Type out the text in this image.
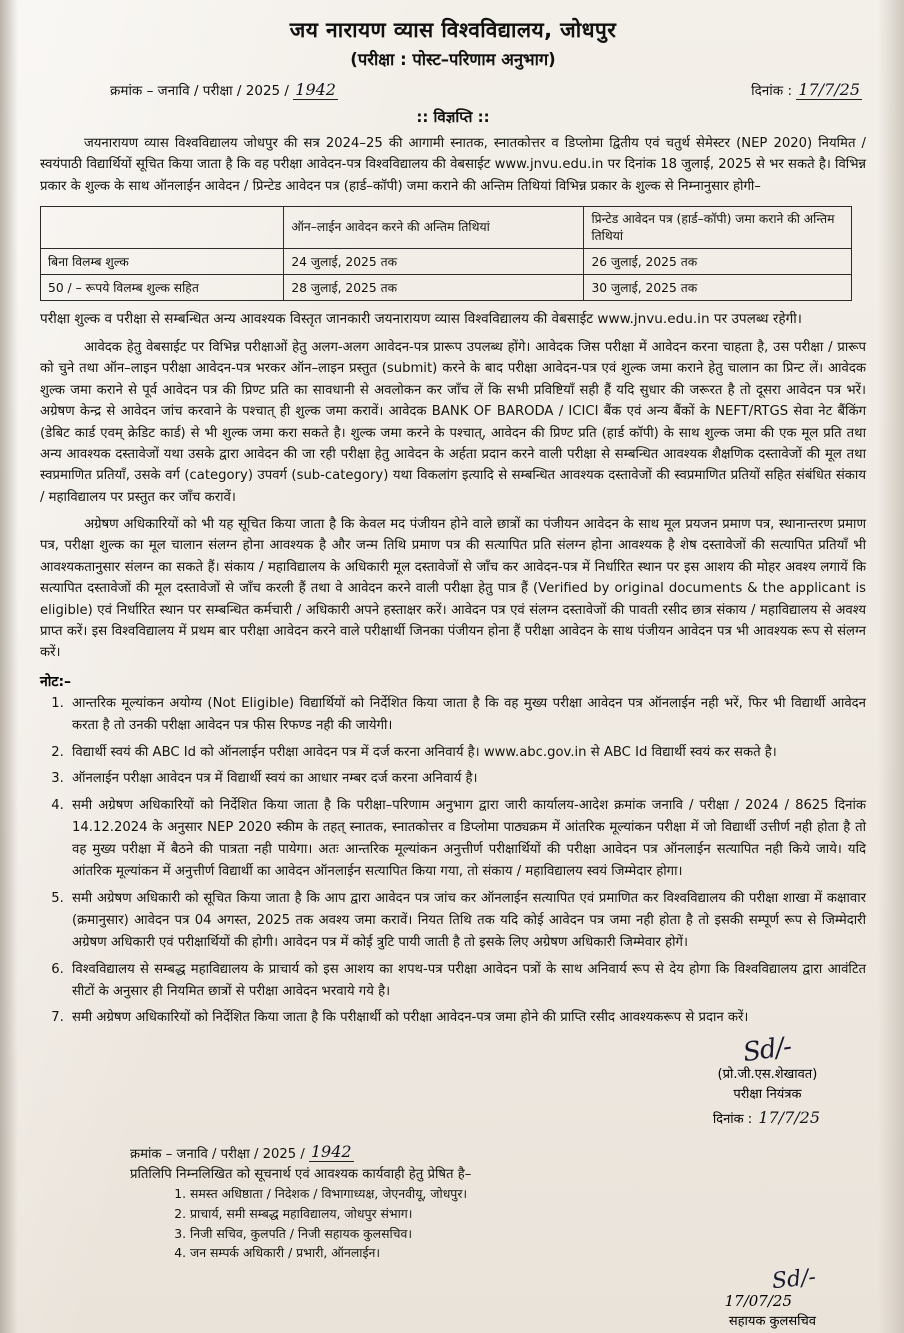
जय नारायण व्यास विश्वविद्यालय, जोधपुर
(परीक्षा : पोस्ट–परिणाम अनुभाग)
क्रमांक – जनावि / परीक्षा / 2025 / 1942	दिनांक : 17/7/25
:: विज्ञप्ति ::

जयनारायण व्यास विश्वविद्यालय जोधपुर की सत्र 2024–25 की आगामी स्नातक, स्नातकोत्तर व डिप्लोमा द्वितीय एवं चतुर्थ सेमेस्टर (NEP 2020) नियमित / स्वयंपाठी विद्यार्थियों सूचित किया जाता है कि वह परीक्षा आवेदन-पत्र विश्वविद्यालय की वेबसाईट www.jnvu.edu.in पर दिनांक 18 जुलाई, 2025 से भर सकते है। विभिन्न प्रकार के शुल्क के साथ ऑनलाईन आवेदन / प्रिन्टेड आवेदन पत्र (हार्ड–कॉपी) जमा कराने की अन्तिम तिथियां विभिन्न प्रकार के शुल्क से निम्नानुसार होगी–

	ऑन–लाईन आवेदन करने की अन्तिम तिथियां	प्रिन्टेड आवेदन पत्र (हार्ड–कॉपी) जमा कराने की अन्तिम तिथियां
बिना विलम्ब शुल्क	24 जुलाई, 2025 तक	26 जुलाई, 2025 तक
50 / – रूपये विलम्ब शुल्क सहित	28 जुलाई, 2025 तक	30 जुलाई, 2025 तक
परीक्षा शुल्क व परीक्षा से सम्बन्धित अन्य आवश्यक विस्तृत जानकारी जयनारायण व्यास विश्वविद्यालय की वेबसाईट www.jnvu.edu.in पर उपलब्ध रहेगी।

आवेदक हेतु वेबसाईट पर विभिन्न परीक्षाओं हेतु अलग-अलग आवेदन-पत्र प्रारूप उपलब्ध होंगे। आवेदक जिस परीक्षा में आवेदन करना चाहता है, उस परीक्षा / प्रारूप को चुने तथा ऑन–लाइन परीक्षा आवेदन-पत्र भरकर ऑन–लाइन प्रस्तुत (submit) करने के बाद परीक्षा आवेदन-पत्र एवं शुल्क जमा कराने हेतु चालान का प्रिन्ट लें। आवेदक शुल्क जमा कराने से पूर्व आवेदन पत्र की प्रिण्ट प्रति का सावधानी से अवलोकन कर जाँच लें कि सभी प्रविष्टियाँ सही हैं यदि सुधार की जरूरत है तो दूसरा आवेदन पत्र भरें। अग्रेषण केन्द्र से आवेदन जांच करवाने के पश्चात् ही शुल्क जमा करावें। आवेदक BANK OF BARODA / ICICI बैंक एवं अन्य बैंकों के NEFT/RTGS सेवा नेट बैंकिंग (डेबिट कार्ड एवम् क्रेडिट कार्ड) से भी शुल्क जमा करा सकते है। शुल्क जमा करने के पश्चात्, आवेदन की प्रिण्ट प्रति (हार्ड कॉपी) के साथ शुल्क जमा की एक मूल प्रति तथा अन्य आवश्यक दस्तावेजों यथा उसके द्वारा आवेदन की जा रही परीक्षा हेतु आवेदन के अर्हता प्रदान करने वाली परीक्षा से सम्बन्धित आवश्यक शैक्षणिक दस्तावेजों की मूल तथा स्वप्रमाणित प्रतियाँ, उसके वर्ग (category) उपवर्ग (sub-category) यथा विकलांग इत्यादि से सम्बन्धित आवश्यक दस्तावेजों की स्वप्रमाणित प्रतियों सहित संबंधित संकाय / महाविद्यालय पर प्रस्तुत कर जाँच करावें।

अग्रेषण अधिकारियों को भी यह सूचित किया जाता है कि केवल मद पंजीयन होने वाले छात्रों का पंजीयन आवेदन के साथ मूल प्रयजन प्रमाण पत्र, स्थानान्तरण प्रमाण पत्र, परीक्षा शुल्क का मूल चालान संलग्न होना आवश्यक है और जन्म तिथि प्रमाण पत्र की सत्यापित प्रति संलग्न होना आवश्यक है शेष दस्तावेजों की सत्यापित प्रतियाँ भी आवश्यकतानुसार संलग्न का सकते हैं। संकाय / महाविद्यालय के अधिकारी मूल दस्तावेजों से जाँच कर आवेदन-पत्र में निर्धारित स्थान पर इस आशय की मोहर अवश्य लगायें कि सत्यापित दस्तावेजों की मूल दस्तावेजों से जाँच करली हैं तथा वे आवेदन करने वाली परीक्षा हेतु पात्र हैं (Verified by original documents & the applicant is eligible) एवं निर्धारित स्थान पर सम्बन्धित कर्मचारी / अधिकारी अपने हस्ताक्षर करें। आवेदन पत्र एवं संलग्न दस्तावेजों की पावती रसीद छात्र संकाय / महाविद्यालय से अवश्य प्राप्त करें। इस विश्वविद्यालय में प्रथम बार परीक्षा आवेदन करने वाले परीक्षार्थी जिनका पंजीयन होना हैं परीक्षा आवेदन के साथ पंजीयन आवेदन पत्र भी आवश्यक रूप से संलग्न करें।

नोट:–
1. आन्तरिक मूल्यांकन अयोग्य (Not Eligible) विद्यार्थियों को निर्देशित किया जाता है कि वह मुख्य परीक्षा आवेदन पत्र ऑनलाईन नही भरें, फिर भी विद्यार्थी आवेदन करता है तो उनकी परीक्षा आवेदन पत्र फीस रिफण्ड नही की जायेगी।
2. विद्यार्थी स्वयं की ABC Id को ऑनलाईन परीक्षा आवेदन पत्र में दर्ज करना अनिवार्य है। www.abc.gov.in से ABC Id विद्यार्थी स्वयं कर सकते है।
3. ऑनलाईन परीक्षा आवेदन पत्र में विद्यार्थी स्वयं का आधार नम्बर दर्ज करना अनिवार्य है।
4. समी अग्रेषण अधिकारियों को निर्देशित किया जाता है कि परीक्षा–परिणाम अनुभाग द्वारा जारी कार्यालय-आदेश क्रमांक जनावि / परीक्षा / 2024 / 8625 दिनांक 14.12.2024 के अनुसार NEP 2020 स्कीम के तहत् स्नातक, स्नातकोत्तर व डिप्लोमा पाठ्यक्रम में आंतरिक मूल्यांकन परीक्षा में जो विद्यार्थी उत्तीर्ण नही होता है तो वह मुख्य परीक्षा में बैठने की पात्रता नही पायेगा। अतः आन्तरिक मूल्यांकन अनुत्तीर्ण परीक्षार्थियों की परीक्षा आवेदन पत्र ऑनलाईन सत्यापित नही किये जाये। यदि आंतरिक मूल्यांकन में अनुत्तीर्ण विद्यार्थी का आवेदन ऑनलाईन सत्यापित किया गया, तो संकाय / महाविद्यालय स्वयं जिम्मेदार होगा।
5. समी अग्रेषण अधिकारी को सूचित किया जाता है कि आप द्वारा आवेदन पत्र जांच कर ऑनलाईन सत्यापित एवं प्रमाणित कर विश्वविद्यालय की परीक्षा शाखा में कक्षावार (क्रमानुसार) आवेदन पत्र 04 अगस्त, 2025 तक अवश्य जमा करावें। नियत तिथि तक यदि कोई आवेदन पत्र जमा नही होता है तो इसकी सम्पूर्ण रूप से जिम्मेदारी अग्रेषण अधिकारी एवं परीक्षार्थियों की होगी। आवेदन पत्र में कोई त्रुटि पायी जाती है तो इसके लिए अग्रेषण अधिकारी जिम्मेवार होगें।
6. विश्वविद्यालय से सम्बद्ध महाविद्यालय के प्राचार्य को इस आशय का शपथ-पत्र परीक्षा आवेदन पत्रों के साथ अनिवार्य रूप से देय होगा कि विश्वविद्यालय द्वारा आवंटित सीटों के अनुसार ही नियमित छात्रों से परीक्षा आवेदन भरवाये गये है।
7. समी अग्रेषण अधिकारियों को निर्देशित किया जाता है कि परीक्षार्थी को परीक्षा आवेदन-पत्र जमा होने की प्राप्ति रसीद आवश्यकरूप से प्रदान करें।
Sd/-
(प्रो.जी.एस.शेखावत)
परीक्षा नियंत्रक
दिनांक : 17/7/25
क्रमांक – जनावि / परीक्षा / 2025 / 1942
प्रतिलिपि निम्नलिखित को सूचनार्थ एवं आवश्यक कार्यवाही हेतु प्रेषित है–
1. समस्त अधिष्ठाता / निदेशक / विभागाध्यक्ष, जेएनवीयू, जोधपुर।
2. प्राचार्य, समी सम्बद्ध महाविद्यालय, जोधपुर संभाग।
3. निजी सचिव, कुलपति / निजी सहायक कुलसचिव।
4. जन सम्पर्क अधिकारी / प्रभारी, ऑनलाईन।
Sd/-
17/07/25
सहायक कुलसचिव
